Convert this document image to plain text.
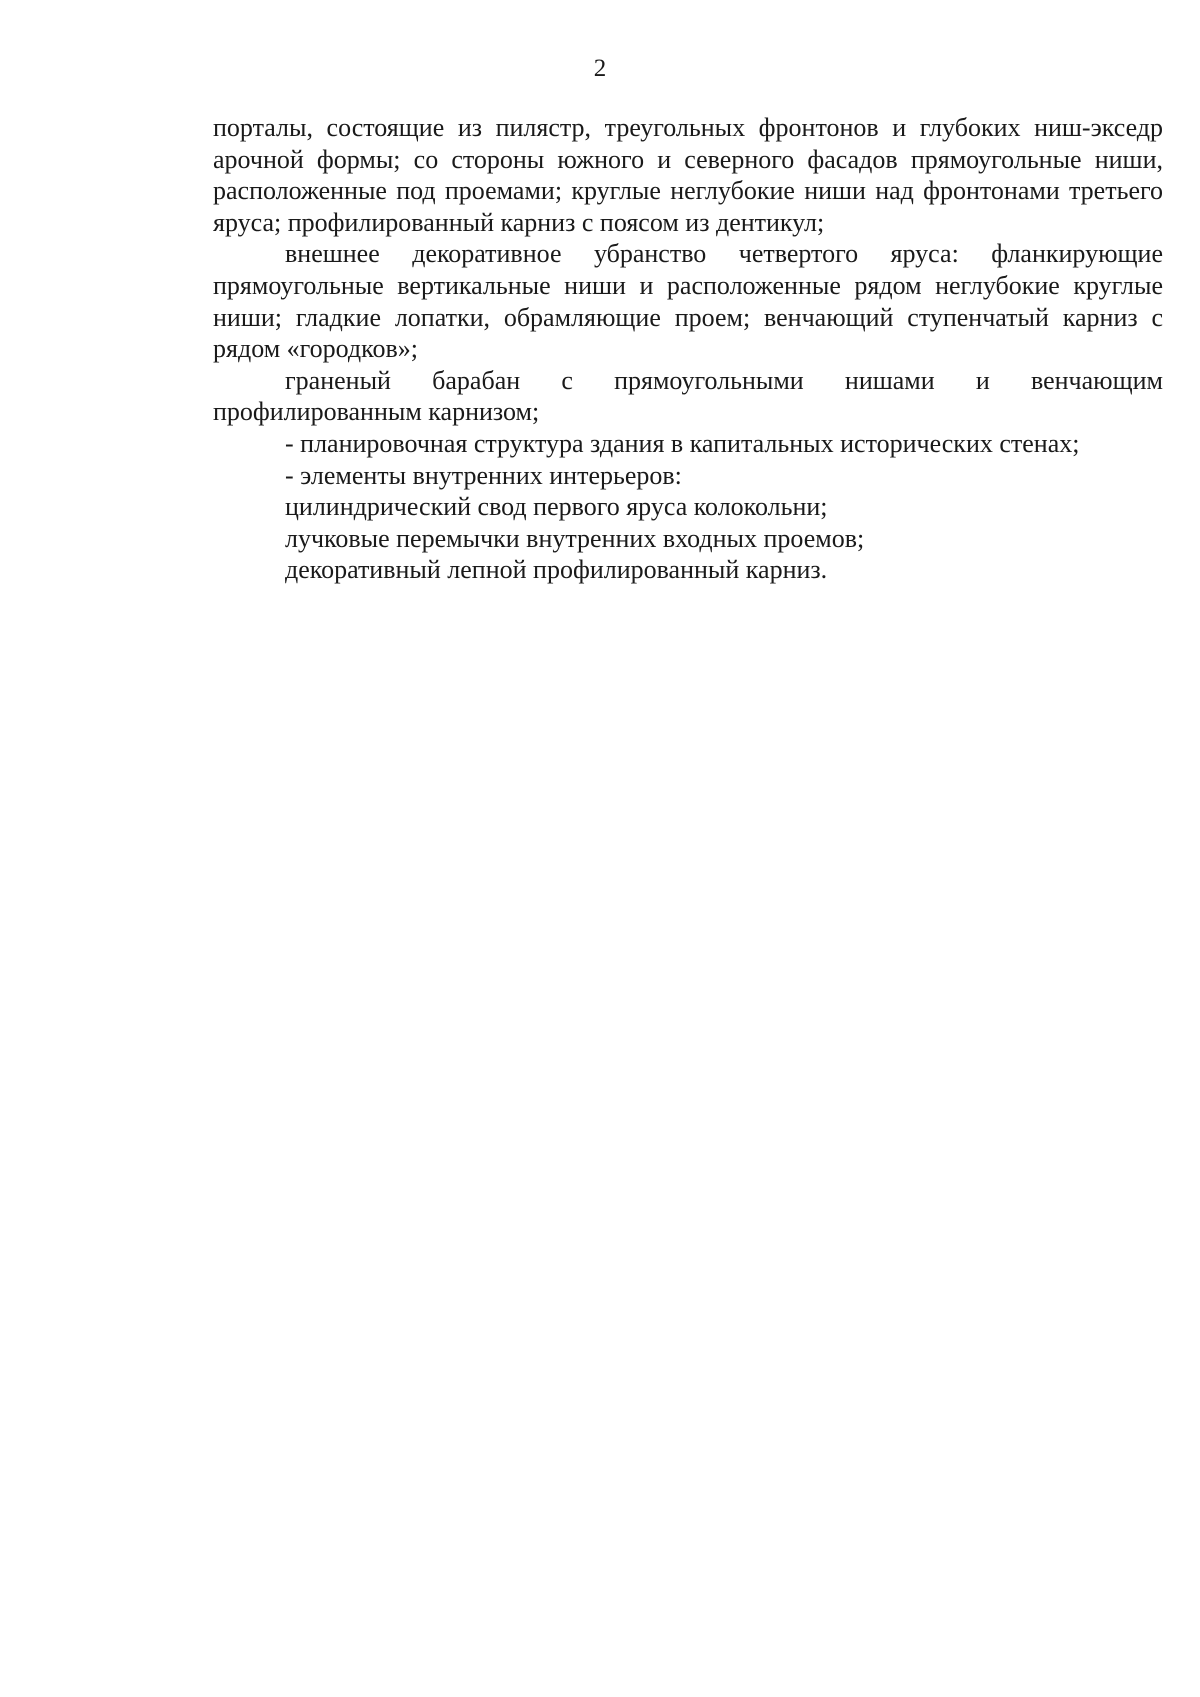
2

порталы, состоящие из пилястр, треугольных фронтонов и глубоких ниш-экседр арочной формы; со стороны южного и северного фасадов прямоугольные ниши, расположенные под проемами; круглые неглубокие ниши над фронтонами третьего яруса; профилированный карниз с поясом из дентикул;

внешнее декоративное убранство четвертого яруса: фланкирующие прямоугольные вертикальные ниши и расположенные рядом неглубокие круглые ниши; гладкие лопатки, обрамляющие проем; венчающий ступенчатый карниз с рядом «городков»;

граненый барабан с прямоугольными нишами и венчающим профилированным карнизом;

- планировочная структура здания в капитальных исторических стенах;
- элементы внутренних интерьеров:
цилиндрический свод первого яруса колокольни;
лучковые перемычки внутренних входных проемов;
декоративный лепной профилированный карниз.
